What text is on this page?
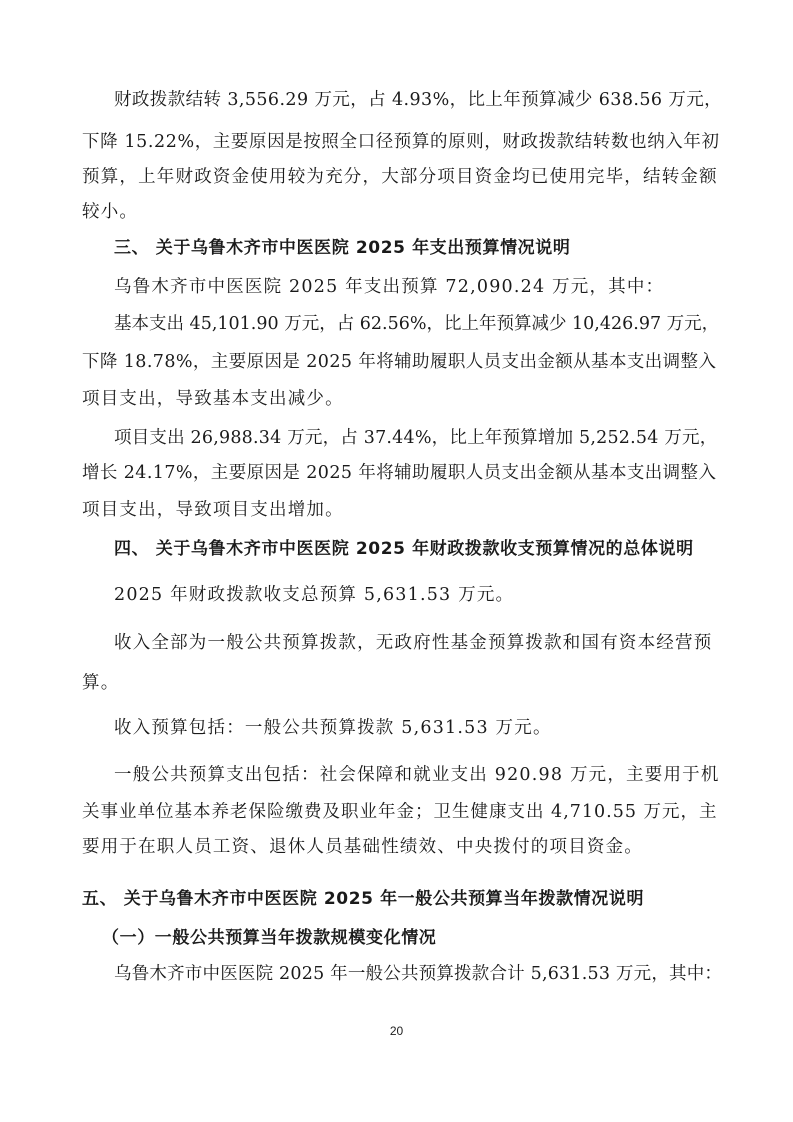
财政拨款结转 3,556.29 万元，占 4.93%，比上年预算减少 638.56 万元，
下降 15.22%，主要原因是按照全口径预算的原则，财政拨款结转数也纳入年初
预算，上年财政资金使用较为充分，大部分项目资金均已使用完毕，结转金额
较小。
三、 关于乌鲁木齐市中医医院 2025 年支出预算情况说明
乌鲁木齐市中医医院 2025 年支出预算 72,090.24 万元，其中：
基本支出 45,101.90 万元，占 62.56%，比上年预算减少 10,426.97 万元，
下降 18.78%，主要原因是 2025 年将辅助履职人员支出金额从基本支出调整入
项目支出，导致基本支出减少。
项目支出 26,988.34 万元，占 37.44%，比上年预算增加 5,252.54 万元，
增长 24.17%，主要原因是 2025 年将辅助履职人员支出金额从基本支出调整入
项目支出，导致项目支出增加。
四、 关于乌鲁木齐市中医医院 2025 年财政拨款收支预算情况的总体说明
2025 年财政拨款收支总预算 5,631.53 万元。
收入全部为一般公共预算拨款，无政府性基金预算拨款和国有资本经营预
算。
收入预算包括：一般公共预算拨款 5,631.53 万元。
一般公共预算支出包括：社会保障和就业支出 920.98 万元，主要用于机
关事业单位基本养老保险缴费及职业年金；卫生健康支出 4,710.55 万元，主
要用于在职人员工资、退休人员基础性绩效、中央拨付的项目资金。
五、 关于乌鲁木齐市中医医院 2025 年一般公共预算当年拨款情况说明
（一）一般公共预算当年拨款规模变化情况
乌鲁木齐市中医医院 2025 年一般公共预算拨款合计 5,631.53 万元，其中：
20
